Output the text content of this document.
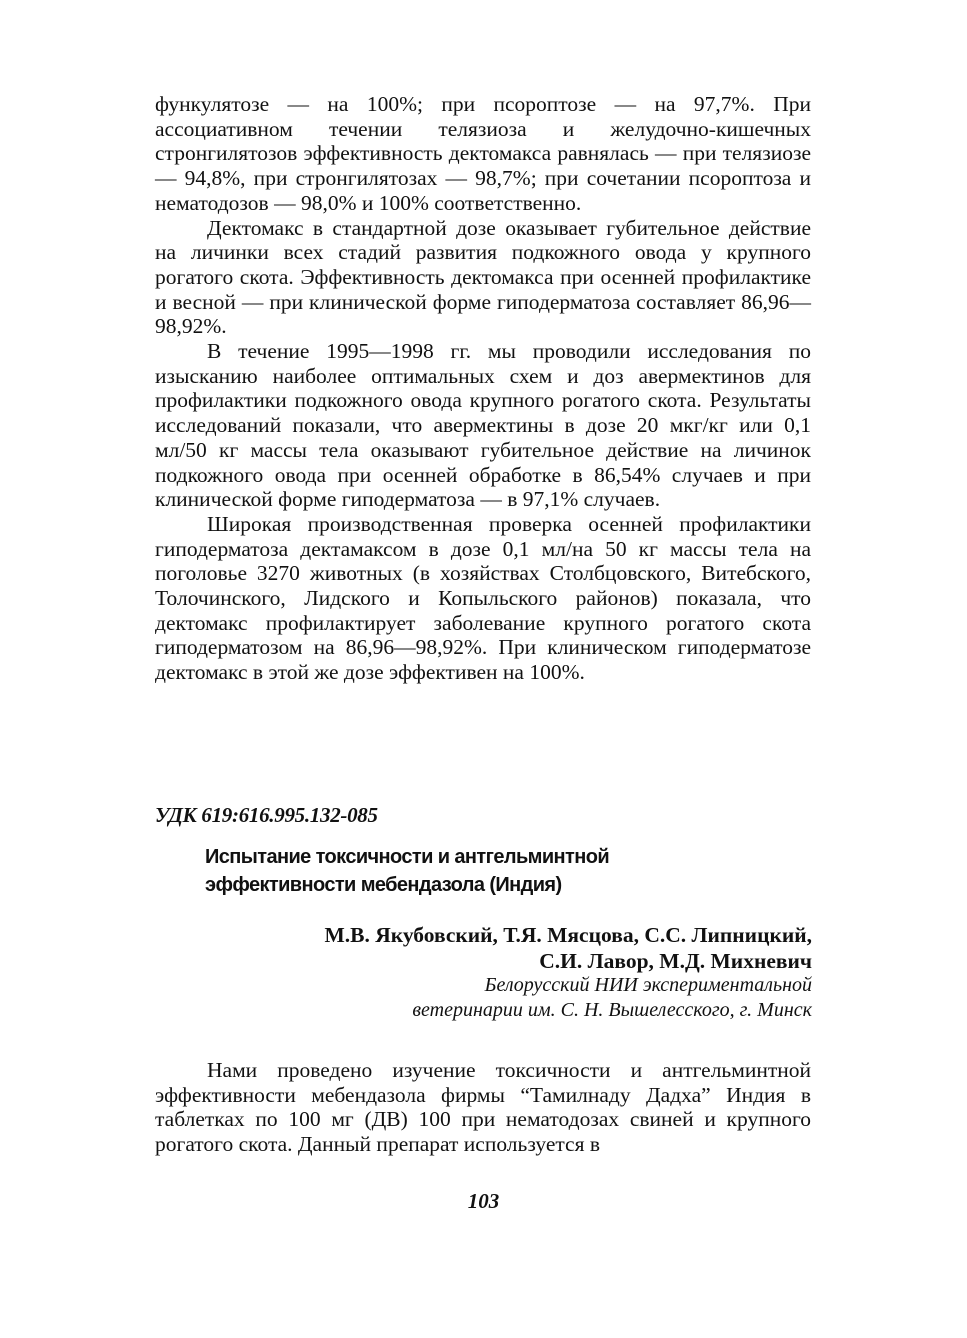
функулятозе — на 100%; при псороптозе — на 97,7%. При ассоциативном течении телязиоза и желудочно-кишечных стронгилятозов эффективность дектомакса равнялась — при телязиозе — 94,8%, при стронгилятозах — 98,7%; при сочетании псороптоза и нематодозов — 98,0% и 100% соответственно.

Дектомакс в стандартной дозе оказывает губительное действие на личинки всех стадий развития подкожного овода у крупного рогатого скота. Эффективность дектомакса при осенней профилактике и весной — при клинической форме гиподерматоза составляет 86,96—98,92%.

В течение 1995—1998 гг. мы проводили исследования по изысканию наиболее оптимальных схем и доз авермектинов для профилактики подкожного овода крупного рогатого скота. Результаты исследований показали, что авермектины в дозе 20 мкг/кг или 0,1 мл/50 кг массы тела оказывают губительное действие на личинок подкожного овода при осенней обработке в 86,54% случаев и при клинической форме гиподерматоза — в 97,1% случаев.

Широкая производственная проверка осенней профилактики гиподерматоза дектамаксом в дозе 0,1 мл/на 50 кг массы тела на поголовье 3270 животных (в хозяйствах Столбцовского, Витебского, Толочинского, Лидского и Копыльского районов) показала, что дектомакс профилактирует заболевание крупного рогатого скота гиподерматозом на 86,96—98,92%. При клиническом гиподерматозе дектомакс в этой же дозе эффективен на 100%.

УДК 619:616.995.132-085

Испытание токсичности и антгельминтной
эффективности мебендазола (Индия)
М.В. Якубовский, Т.Я. Мясцова, С.С. Липницкий,
С.И. Лавор, М.Д. Михневич
Белорусский НИИ экспериментальной
ветеринарии им. С. Н. Вышелесского, г. Минск

Нами проведено изучение токсичности и антгельминтной эффективности мебендазола фирмы “Тамилнаду Дадха” Индия в таблетках по 100 мг (ДВ) 100 при нематодозах свиней и крупного рогатого скота. Данный препарат используется в

103
